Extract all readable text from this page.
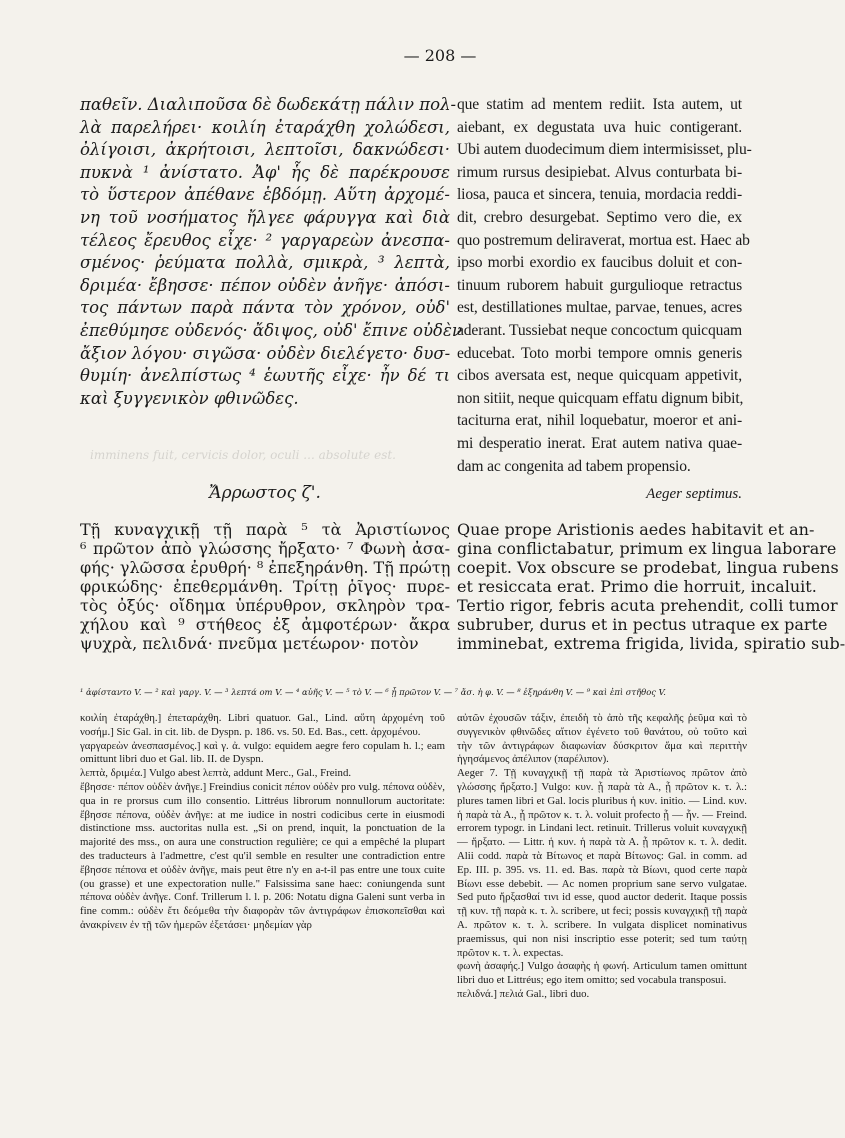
— 208 —
παθεῖν. Διαλιποῦσα δὲ δωδεκάτῃ πάλιν πολ-
λὰ παρελήρει· κοιλίη ἐταράχθη χολώδεσι,
ὀλίγοισι, ἀκρήτοισι, λεπτοῖσι, δακνώδεσι·
πυκνὰ ¹ ἀνίστατο. Ἀφ' ἧς δὲ παρέκρουσε
τὸ ὕστερον ἀπέθανε ἑβδόμῃ. Αὕτη ἀρχομέ-
νη τοῦ νοσήματος ἤλγεε φάρυγγα καὶ διὰ
τέλεος ἔρευθος εἶχε· ² γαργαρεὼν ἀνεσπα-
σμένος· ῥεύματα πολλὰ, σμικρὰ, ³ λεπτὰ,
δριμέα· ἔβησσε· πέπον οὐδὲν ἀνῆγε· ἀπόσι-
τος πάντων παρὰ πάντα τὸν χρόνον, οὐδ'
ἐπεθύμησε οὐδενός· ἄδιψος, οὐδ' ἔπινε οὐδὲν
ἄξιον λόγου· σιγῶσα· οὐδὲν διελέγετο· δυσ-
θυμίη· ἀνελπίστως ⁴ ἑωυτῆς εἶχε· ἦν δέ τι
καὶ ξυγγενικὸν φθινῶδες.
que statim ad mentem rediit. Ista autem, ut
aiebant, ex degustata uva huic contigerant.
Ubi autem duodecimum diem intermisisset, plu-
rimum rursus desipiebat. Alvus conturbata bi-
liosa, pauca et sincera, tenuia, mordacia reddi-
dit, crebro desurgebat. Septimo vero die, ex
quo postremum deliraverat, mortua est. Haec ab
ipso morbi exordio ex faucibus doluit et con-
tinuum ruborem habuit gurgulioque retractus
est, destillationes multae, parvae, tenues, acres
aderant. Tussiebat neque concoctum quicquam
educebat. Toto morbi tempore omnis generis
cibos aversata est, neque quicquam appetivit,
non sitiit, neque quicquam effatu dignum bibit,
taciturna erat, nihil loquebatur, moeror et ani-
mi desperatio inerat. Erat autem nativa quae-
dam ac congenita ad tabem propensio.
imminens fuit, cervicis dolor, oculi ... absolute est.
Ἄρρωστος ζ'.	Aeger septimus.
Τῇ κυναγχικῇ τῇ παρὰ ⁵ τὰ Ἀριστίωνος
⁶ πρῶτον ἀπὸ γλώσσης ἤρξατο· ⁷ Φωνὴ ἀσα-
φής· γλῶσσα ἐρυθρή· ⁸ ἐπεξηράνθη. Τῇ πρώτῃ
φρικώδης· ἐπεθερμάνθη. Τρίτῃ ῥῖγος· πυρε-
τὸς ὀξύς· οἴδημα ὑπέρυθρον, σκληρὸν τρα-
χήλου καὶ ⁹ στήθεος ἐξ ἀμφοτέρων· ἄκρα
ψυχρὰ, πελιδνά· πνεῦμα μετέωρον· ποτὸν
Quae prope Aristionis aedes habitavit et an-
gina conflictabatur, primum ex lingua laborare
coepit. Vox obscure se prodebat, lingua rubens
et resiccata erat. Primo die horruit, incaluit.
Tertio rigor, febris acuta prehendit, colli tumor
subruber, durus et in pectus utraque ex parte
imminebat, extrema frigida, livida, spiratio sub-
¹ ἀφίσταντο V. — ² καὶ γαργ. V. — ³ λεπτά om V. — ⁴ αὐῆς V. — ⁵ τὸ V. — ⁶ ᾗ πρῶτον V. — ⁷ ἄσ. ἡ φ. V. — ⁸ ἐξηράνθη V. — ⁹ καὶ ἐπὶ στῆθος V.
κοιλίη ἐταράχθη.] ἐπεταράχθη. Libri quatuor. Gal., Lind. αὕτη ἀρχομένη τοῦ νοσήμ.] Sic Gal. in cit. lib. de Dyspn. p. 186. vs. 50. Ed. Bas., cett. ἀρχομένου.
γαργαρεὼν ἀνεσπασμένος.] καὶ γ. ἀ. vulgo: equidem aegre fero copulam h. l.; eam omittunt libri duo et Gal. lib. II. de Dyspn.
λεπτὰ, δριμέα.] Vulgo abest λεπτὰ, addunt Merc., Gal., Freind.
ἔβησσε· πέπον οὐδὲν ἀνῆγε.] Freindius conicit πέπον οὐδὲν pro vulg. πέπονα οὐδὲν, qua in re prorsus cum illo consentio. Littréus librorum nonnullorum auctoritate: ἔβησσε πέπονα, οὐδὲν ἀνῆγε: at me iudice in nostri codicibus certe in eiusmodi distinctione mss. auctoritas nulla est. „Si on prend, inquit, la ponctuation de la majorité des mss., on aura une construction regulière; ce qui a empêché la plupart des traducteurs à l'admettre, c'est qu'il semble en resulter une contradiction entre ἔβησσε πέπονα et οὐδὲν ἀνῆγε, mais peut être n'y en a-t-il pas entre une toux cuite (ou grasse) et une expectoration nulle." Falsissima sane haec: coniungenda sunt πέπονα οὐδὲν ἀνῆγε. Conf. Trillerum l. l. p. 206: Notatu digna Galeni sunt verba in fine comm.: οὐδὲν ἔτι δεόμεθα τὴν διαφορὰν τῶν ἀντιγράφων ἐπισκοπεῖσθαι καὶ ἀνακρίνειν ἐν τῇ τῶν ἡμερῶν ἐξετάσει· μηδεμίαν γὰρ
αὐτῶν ἐχουσῶν τάξιν, ἐπειδὴ τὸ ἀπὸ τῆς κεφαλῆς ῥεῦμα καὶ τὸ συγγενικὸν φθινῶδες αἴτιον ἐγένετο τοῦ θανάτου, οὐ τοῦτο καὶ τὴν τῶν ἀντιγράφων διαφωνίαν δύσκριτον ἅμα καὶ περιττὴν ἡγησάμενος ἀπέλιπον (παρέλιπον).
Aeger 7. Τῇ κυναγχικῇ τῇ παρὰ τὰ Ἀριστίωνος πρῶτον ἀπὸ γλώσσης ἤρξατο.] Vulgo: κυν. ᾗ παρὰ τὰ Α., ᾗ πρῶτον κ. τ. λ.: plures tamen libri et Gal. locis pluribus ἡ κυν. initio. — Lind. κυν. ἡ παρὰ τὰ Α., ᾗ πρῶτον κ. τ. λ. voluit profecto ᾗ — ἦν. — Freind. errorem typogr. in Lindani lect. retinuit. Trillerus voluit κυναγχικῇ — ἥρξατο. — Littr. ἡ κυν. ἡ παρὰ τὰ Α. ᾗ πρῶτον κ. τ. λ. dedit. Alii codd. παρὰ τὰ Βίτωνος et παρὰ Βίτωνος: Gal. in comm. ad Ep. III. p. 395. vs. 11. ed. Bas. παρὰ τὰ Βίωνι, quod certe παρὰ Βίωνι esse debebit. — Ac nomen proprium sane servo vulgatae. Sed puto ἤρξασθαί τινι id esse, quod auctor dederit. Itaque possis τῇ κυν. τῇ παρὰ κ. τ. λ. scribere, ut feci; possis κυναγχικῇ τῇ παρὰ Α. πρῶτον κ. τ. λ. scribere. In vulgata displicet nominativus praemissus, qui non nisi inscriptio esse poterit; sed tum ταύτῃ πρῶτον κ. τ. λ. expectas.
φωνὴ ἀσαφής.] Vulgo ἀσαφὴς ἡ φωνή. Articulum tamen omittunt libri duo et Littréus; ego item omitto; sed vocabula transposui.
πελιδνά.] πελιά Gal., libri duo.
